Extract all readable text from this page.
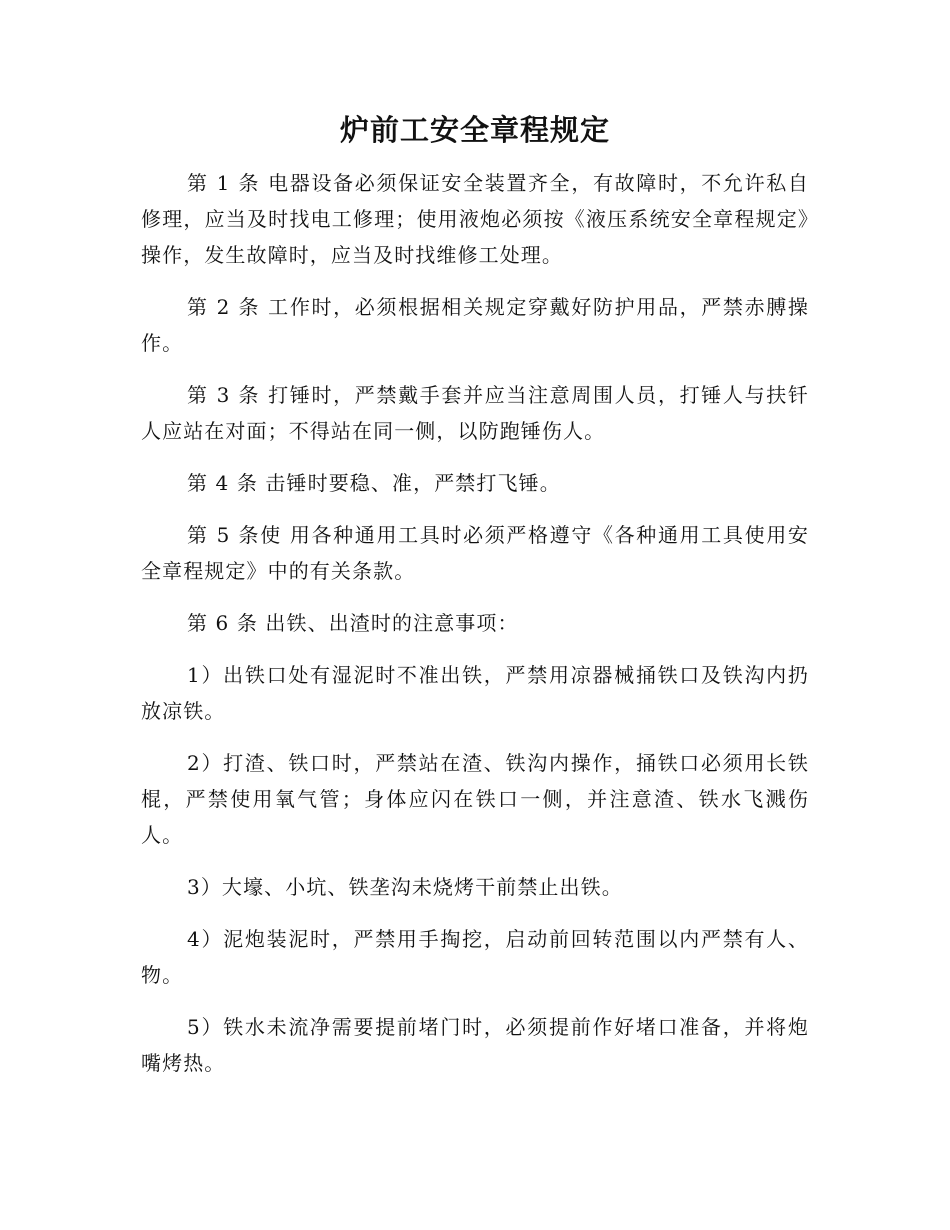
炉前工安全章程规定

第 1 条 电器设备必须保证安全装置齐全，有故障时，不允许私自修理，应当及时找电工修理；使用液炮必须按《液压系统安全章程规定》操作，发生故障时，应当及时找维修工处理。

第 2 条 工作时，必须根据相关规定穿戴好防护用品，严禁赤膊操作。

第 3 条 打锤时，严禁戴手套并应当注意周围人员，打锤人与扶钎人应站在对面；不得站在同一侧，以防跑锤伤人。

第 4 条 击锤时要稳、准，严禁打飞锤。

第 5 条使 用各种通用工具时必须严格遵守《各种通用工具使用安全章程规定》中的有关条款。

第 6 条 出铁、出渣时的注意事项：

1）出铁口处有湿泥时不准出铁，严禁用凉器械捅铁口及铁沟内扔放凉铁。

2）打渣、铁口时，严禁站在渣、铁沟内操作，捅铁口必须用长铁棍，严禁使用氧气管；身体应闪在铁口一侧，并注意渣、铁水飞溅伤人。

3）大壕、小坑、铁垄沟未烧烤干前禁止出铁。

4）泥炮装泥时，严禁用手掏挖，启动前回转范围以内严禁有人、物。

5）铁水未流净需要提前堵门时，必须提前作好堵口准备，并将炮嘴烤热。
